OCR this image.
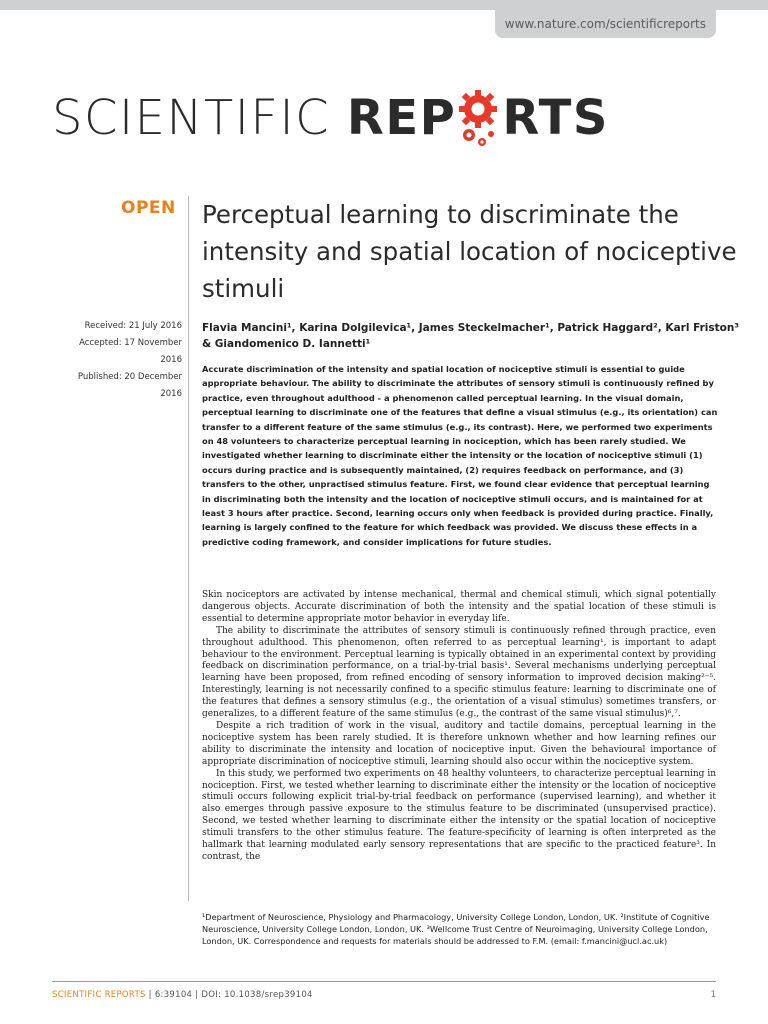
www.nature.com/scientificreports
SCIENTIFIC REP RTS
OPEN Perceptual learning to discriminate the intensity and spatial location of nociceptive stimuli
Received: 21 July 2016
Accepted: 17 November 2016
Published: 20 December 2016
Flavia Mancini¹, Karina Dolgilevica¹, James Steckelmacher¹, Patrick Haggard², Karl Friston³ & Giandomenico D. Iannetti¹
Accurate discrimination of the intensity and spatial location of nociceptive stimuli is essential to guide appropriate behaviour. The ability to discriminate the attributes of sensory stimuli is continuously refined by practice, even throughout adulthood - a phenomenon called perceptual learning. In the visual domain, perceptual learning to discriminate one of the features that define a visual stimulus (e.g., its orientation) can transfer to a different feature of the same stimulus (e.g., its contrast). Here, we performed two experiments on 48 volunteers to characterize perceptual learning in nociception, which has been rarely studied. We investigated whether learning to discriminate either the intensity or the location of nociceptive stimuli (1) occurs during practice and is subsequently maintained, (2) requires feedback on performance, and (3) transfers to the other, unpractised stimulus feature. First, we found clear evidence that perceptual learning in discriminating both the intensity and the location of nociceptive stimuli occurs, and is maintained for at least 3 hours after practice. Second, learning occurs only when feedback is provided during practice. Finally, learning is largely confined to the feature for which feedback was provided. We discuss these effects in a predictive coding framework, and consider implications for future studies.

Skin nociceptors are activated by intense mechanical, thermal and chemical stimuli, which signal potentially dangerous objects. Accurate discrimination of both the intensity and the spatial location of these stimuli is essential to determine appropriate motor behavior in everyday life.

The ability to discriminate the attributes of sensory stimuli is continuously refined through practice, even throughout adulthood. This phenomenon, often referred to as perceptual learning¹, is important to adapt behaviour to the environment. Perceptual learning is typically obtained in an experimental context by providing feedback on discrimination performance, on a trial-by-trial basis¹. Several mechanisms underlying perceptual learning have been proposed, from refined encoding of sensory information to improved decision making²⁻⁵. Interestingly, learning is not necessarily confined to a specific stimulus feature: learning to discriminate one of the features that defines a sensory stimulus (e.g., the orientation of a visual stimulus) sometimes transfers, or generalizes, to a different feature of the same stimulus (e.g., the contrast of the same visual stimulus)⁶,⁷.

Despite a rich tradition of work in the visual, auditory and tactile domains, perceptual learning in the nociceptive system has been rarely studied. It is therefore unknown whether and how learning refines our ability to discriminate the intensity and location of nociceptive input. Given the behavioural importance of appropriate discrimination of nociceptive stimuli, learning should also occur within the nociceptive system.

In this study, we performed two experiments on 48 healthy volunteers, to characterize perceptual learning in nociception. First, we tested whether learning to discriminate either the intensity or the location of nociceptive stimuli occurs following explicit trial-by-trial feedback on performance (supervised learning), and whether it also emerges through passive exposure to the stimulus feature to be discriminated (unsupervised practice). Second, we tested whether learning to discriminate either the intensity or the spatial location of nociceptive stimuli transfers to the other stimulus feature. The feature-specificity of learning is often interpreted as the hallmark that learning modulated early sensory representations that are specific to the practiced feature³. In contrast, the

¹Department of Neuroscience, Physiology and Pharmacology, University College London, London, UK. ²Institute of Cognitive Neuroscience, University College London, London, UK. ³Wellcome Trust Centre of Neuroimaging, University College London, London, UK. Correspondence and requests for materials should be addressed to F.M. (email: f.mancini@ucl.ac.uk)
SCIENTIFIC REPORTS | 6:39104 | DOI: 10.1038/srep39104	1
